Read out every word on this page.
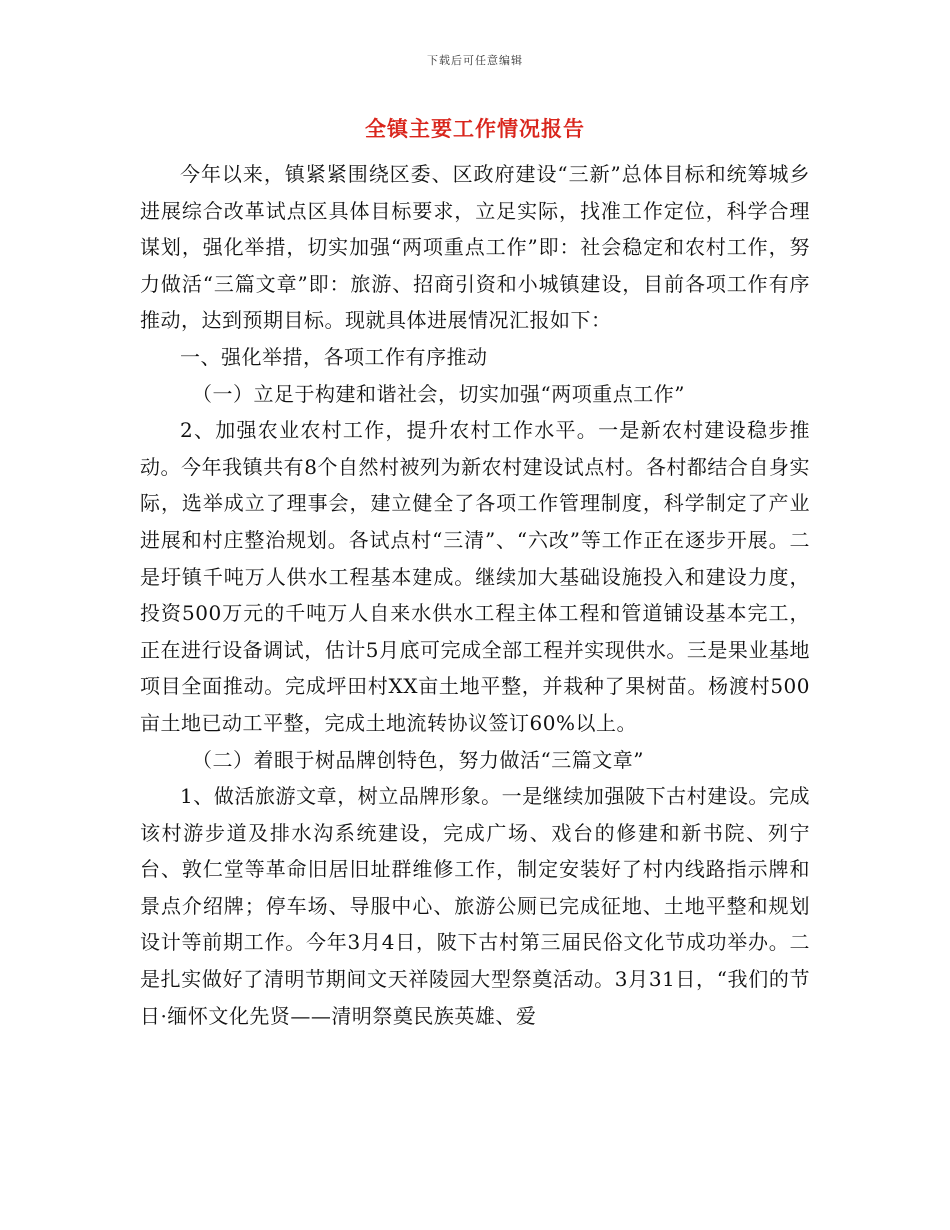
下载后可任意编辑
全镇主要工作情况报告

今年以来，镇紧紧围绕区委、区政府建设“三新”总体目标和统筹城乡进展综合改革试点区具体目标要求，立足实际，找准工作定位，科学合理谋划，强化举措，切实加强“两项重点工作”即：社会稳定和农村工作，努力做活“三篇文章”即：旅游、招商引资和小城镇建设，目前各项工作有序推动，达到预期目标。现就具体进展情况汇报如下：

一、强化举措，各项工作有序推动

（一）立足于构建和谐社会，切实加强“两项重点工作”

2、加强农业农村工作，提升农村工作水平。一是新农村建设稳步推动。今年我镇共有8个自然村被列为新农村建设试点村。各村都结合自身实际，选举成立了理事会，建立健全了各项工作管理制度，科学制定了产业进展和村庄整治规划。各试点村“三清”、“六改”等工作正在逐步开展。二是圩镇千吨万人供水工程基本建成。继续加大基础设施投入和建设力度，投资500万元的千吨万人自来水供水工程主体工程和管道铺设基本完工，正在进行设备调试，估计5月底可完成全部工程并实现供水。三是果业基地项目全面推动。完成坪田村XX亩土地平整，并栽种了果树苗。杨渡村500亩土地已动工平整，完成土地流转协议签订60%以上。

（二）着眼于树品牌创特色，努力做活“三篇文章”

1、做活旅游文章，树立品牌形象。一是继续加强陂下古村建设。完成该村游步道及排水沟系统建设，完成广场、戏台的修建和新书院、列宁台、敦仁堂等革命旧居旧址群维修工作，制定安装好了村内线路指示牌和景点介绍牌；停车场、导服中心、旅游公厕已完成征地、土地平整和规划设计等前期工作。今年3月4日，陂下古村第三届民俗文化节成功举办。二是扎实做好了清明节期间文天祥陵园大型祭奠活动。3月31日，“我们的节日·缅怀文化先贤——清明祭奠民族英雄、爱
